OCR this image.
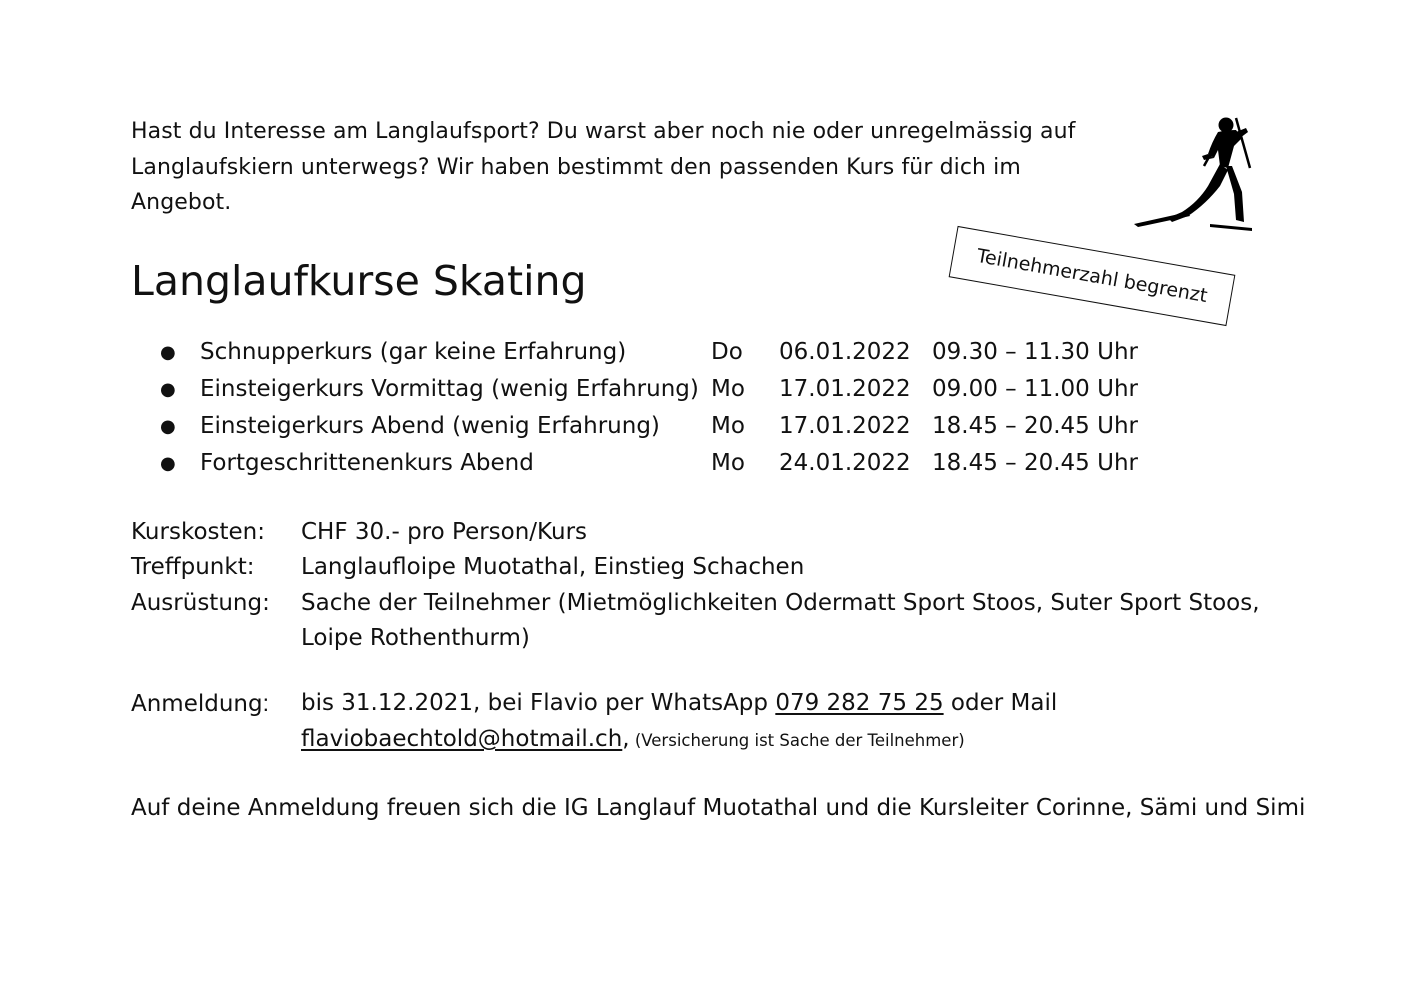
Hast du Interesse am Langlaufsport? Du warst aber noch nie oder unregelmässig auf
Langlaufskiern unterwegs? Wir haben bestimmt den passenden Kurs für dich im
Angebot.
Langlaufkurse Skating	Teilnehmerzahl begrenzt
● Schnupperkurs (gar keine Erfahrung)	Do 06.01.2022 09.30 – 11.30 Uhr
● Einsteigerkurs Vormittag (wenig Erfahrung) Mo 17.01.2022 09.00 – 11.00 Uhr
● Einsteigerkurs Abend (wenig Erfahrung) Mo 17.01.2022 18.45 – 20.45 Uhr
● Fortgeschrittenenkurs Abend	Mo 24.01.2022 18.45 – 20.45 Uhr
Kurskosten: CHF 30.- pro Person/Kurs
Treffpunkt: Langlaufloipe Muotathal, Einstieg Schachen
Ausrüstung: Sache der Teilnehmer (Mietmöglichkeiten Odermatt Sport Stoos, Suter Sport Stoos,
Loipe Rothenthurm)
Anmeldung: bis 31.12.2021, bei Flavio per WhatsApp 079 282 75 25 oder Mail
flaviobaechtold@hotmail.ch, (Versicherung ist Sache der Teilnehmer)
Auf deine Anmeldung freuen sich die IG Langlauf Muotathal und die Kursleiter Corinne, Sämi und Simi
